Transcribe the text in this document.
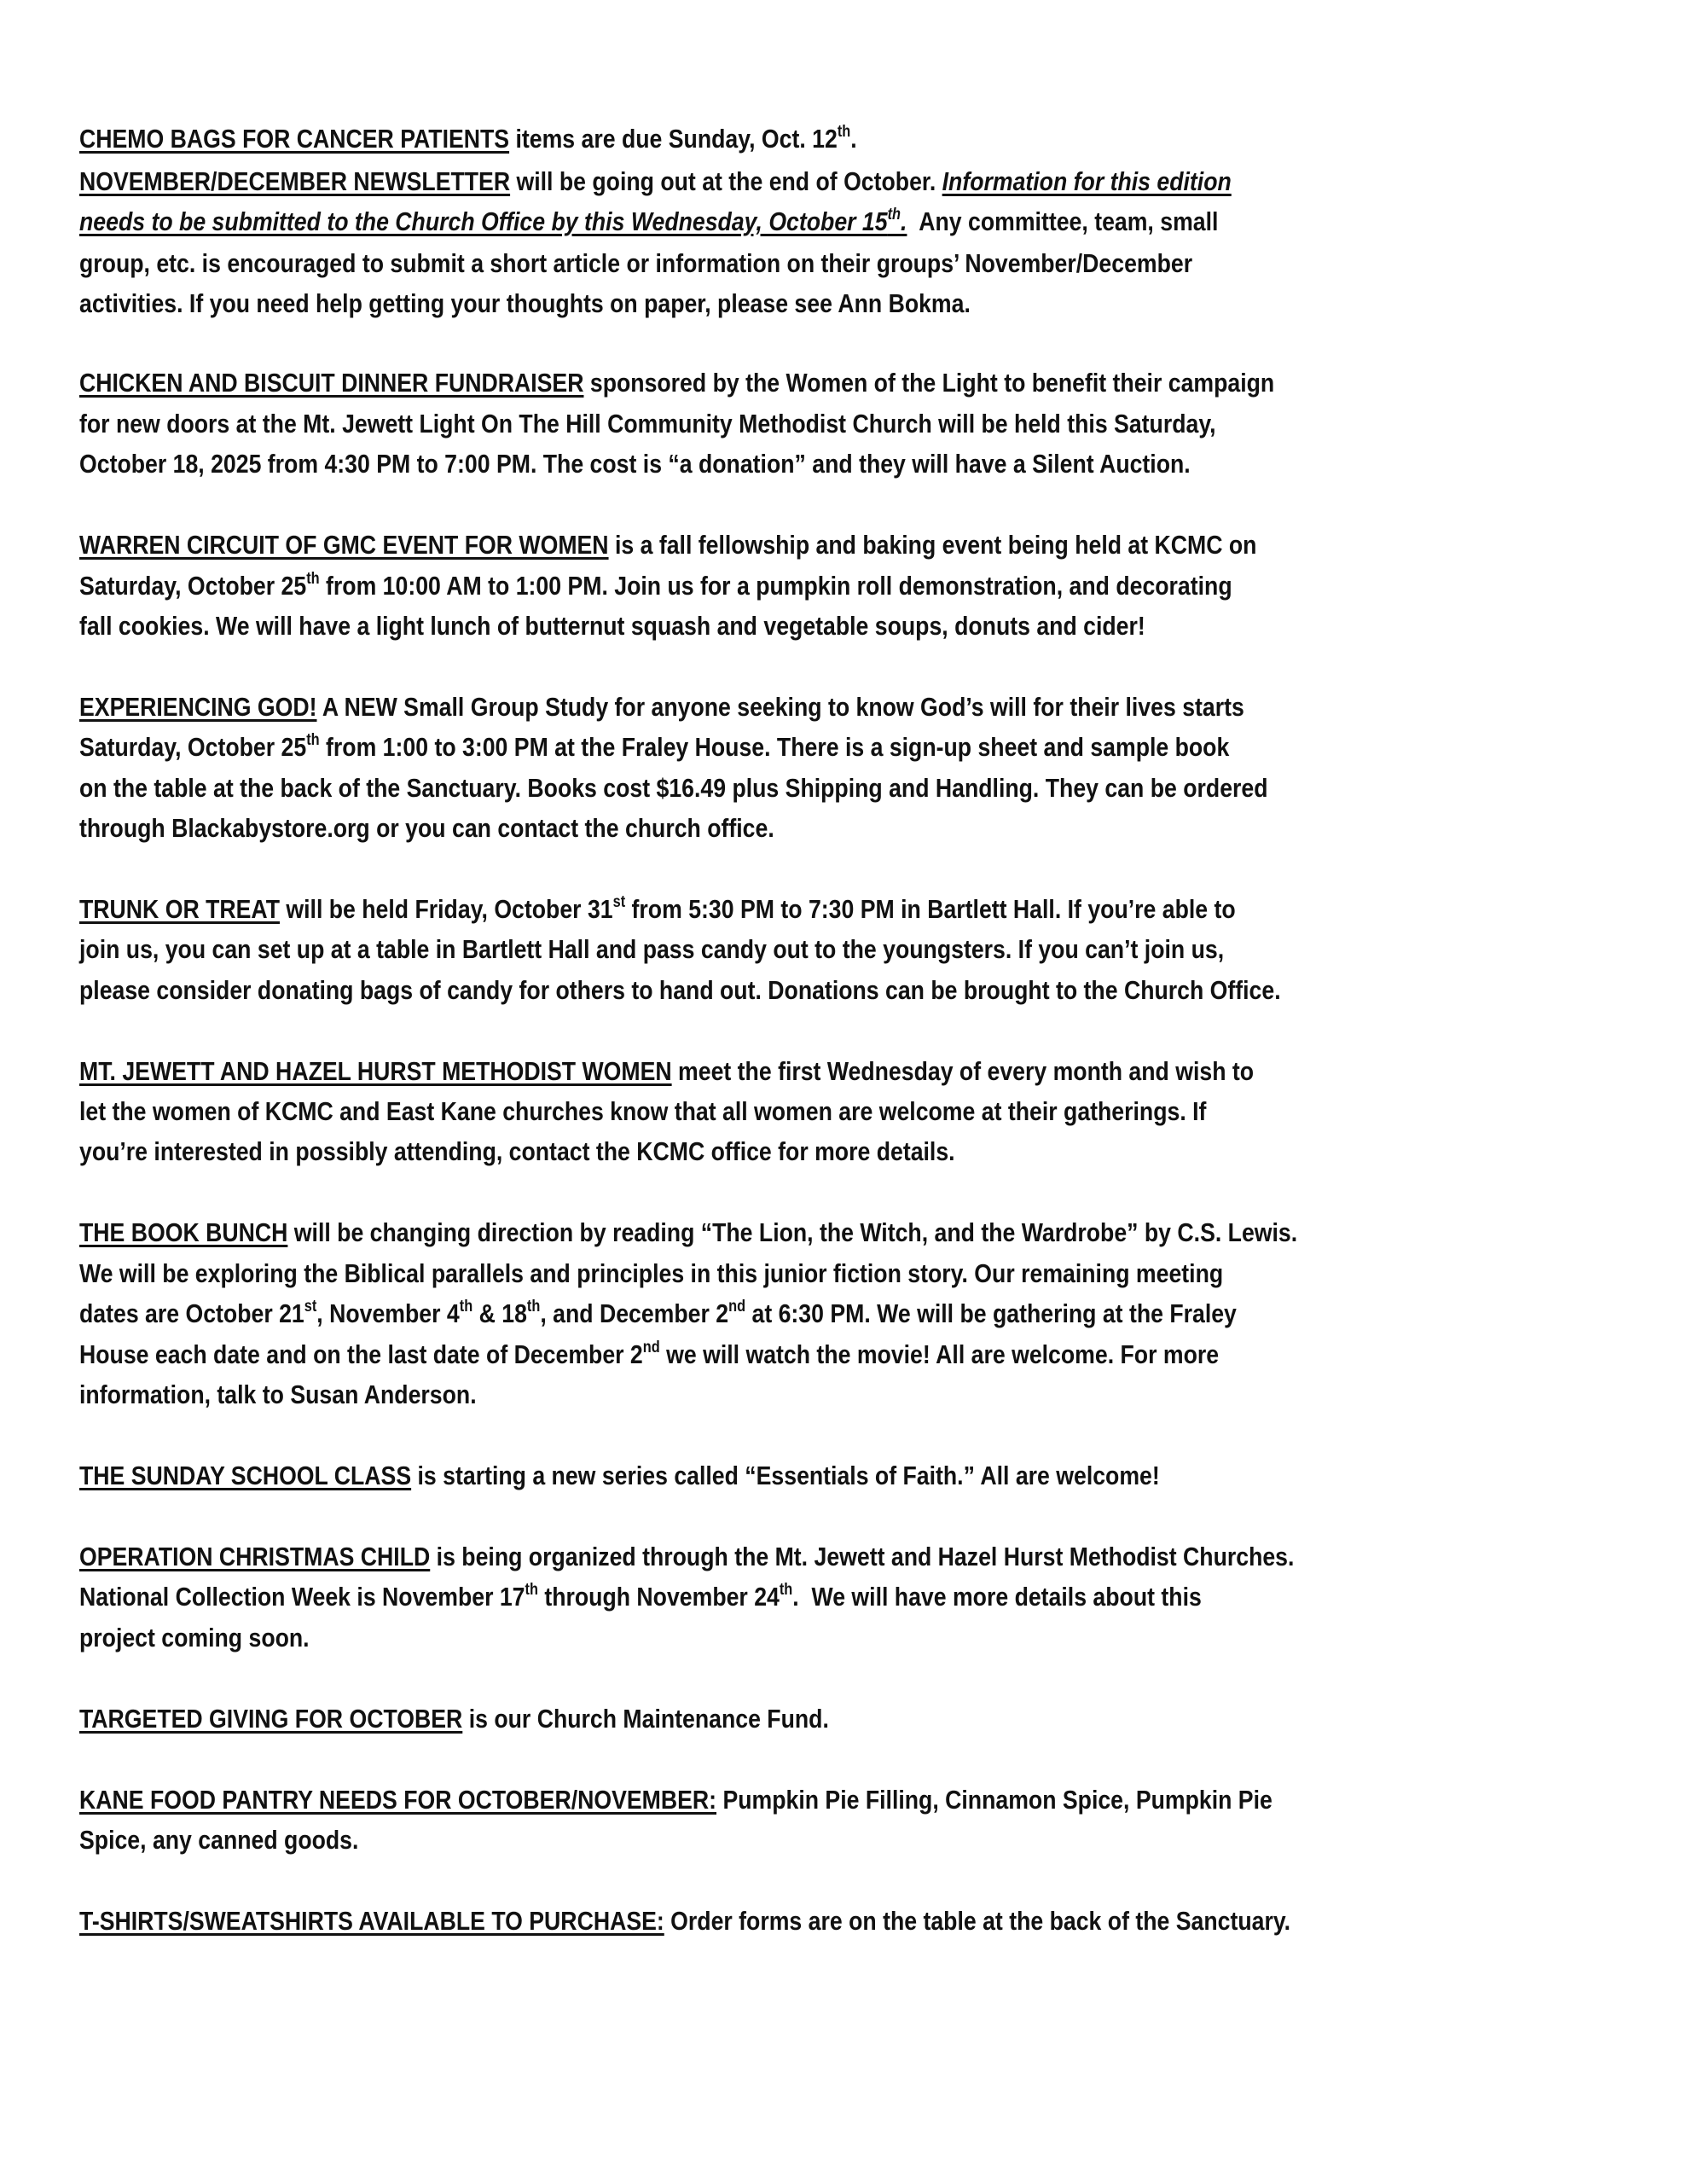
CHEMO BAGS FOR CANCER PATIENTS items are due Sunday, Oct. 12th.
NOVEMBER/DECEMBER NEWSLETTER will be going out at the end of October. Information for this edition
needs to be submitted to the Church Office by this Wednesday, October 15th.  Any committee, team, small
group, etc. is encouraged to submit a short article or information on their groups’ November/December
activities. If you need help getting your thoughts on paper, please see Ann Bokma.
CHICKEN AND BISCUIT DINNER FUNDRAISER sponsored by the Women of the Light to benefit their campaign
for new doors at the Mt. Jewett Light On The Hill Community Methodist Church will be held this Saturday,
October 18, 2025 from 4:30 PM to 7:00 PM. The cost is “a donation” and they will have a Silent Auction.
WARREN CIRCUIT OF GMC EVENT FOR WOMEN is a fall fellowship and baking event being held at KCMC on
Saturday, October 25th from 10:00 AM to 1:00 PM. Join us for a pumpkin roll demonstration, and decorating
fall cookies. We will have a light lunch of butternut squash and vegetable soups, donuts and cider!
EXPERIENCING GOD! A NEW Small Group Study for anyone seeking to know God’s will for their lives starts
Saturday, October 25th from 1:00 to 3:00 PM at the Fraley House. There is a sign-up sheet and sample book
on the table at the back of the Sanctuary. Books cost $16.49 plus Shipping and Handling. They can be ordered
through Blackabystore.org or you can contact the church office.
TRUNK OR TREAT will be held Friday, October 31st from 5:30 PM to 7:30 PM in Bartlett Hall. If you’re able to
join us, you can set up at a table in Bartlett Hall and pass candy out to the youngsters. If you can’t join us,
please consider donating bags of candy for others to hand out. Donations can be brought to the Church Office.
MT. JEWETT AND HAZEL HURST METHODIST WOMEN meet the first Wednesday of every month and wish to
let the women of KCMC and East Kane churches know that all women are welcome at their gatherings. If
you’re interested in possibly attending, contact the KCMC office for more details.
THE BOOK BUNCH will be changing direction by reading “The Lion, the Witch, and the Wardrobe” by C.S. Lewis.
We will be exploring the Biblical parallels and principles in this junior fiction story. Our remaining meeting
dates are October 21st, November 4th & 18th, and December 2nd at 6:30 PM. We will be gathering at the Fraley
House each date and on the last date of December 2nd we will watch the movie! All are welcome. For more
information, talk to Susan Anderson.
THE SUNDAY SCHOOL CLASS is starting a new series called “Essentials of Faith.” All are welcome!
OPERATION CHRISTMAS CHILD is being organized through the Mt. Jewett and Hazel Hurst Methodist Churches.
National Collection Week is November 17th through November 24th.  We will have more details about this
project coming soon.
TARGETED GIVING FOR OCTOBER is our Church Maintenance Fund.
KANE FOOD PANTRY NEEDS FOR OCTOBER/NOVEMBER: Pumpkin Pie Filling, Cinnamon Spice, Pumpkin Pie
Spice, any canned goods.
T-SHIRTS/SWEATSHIRTS AVAILABLE TO PURCHASE: Order forms are on the table at the back of the Sanctuary.
